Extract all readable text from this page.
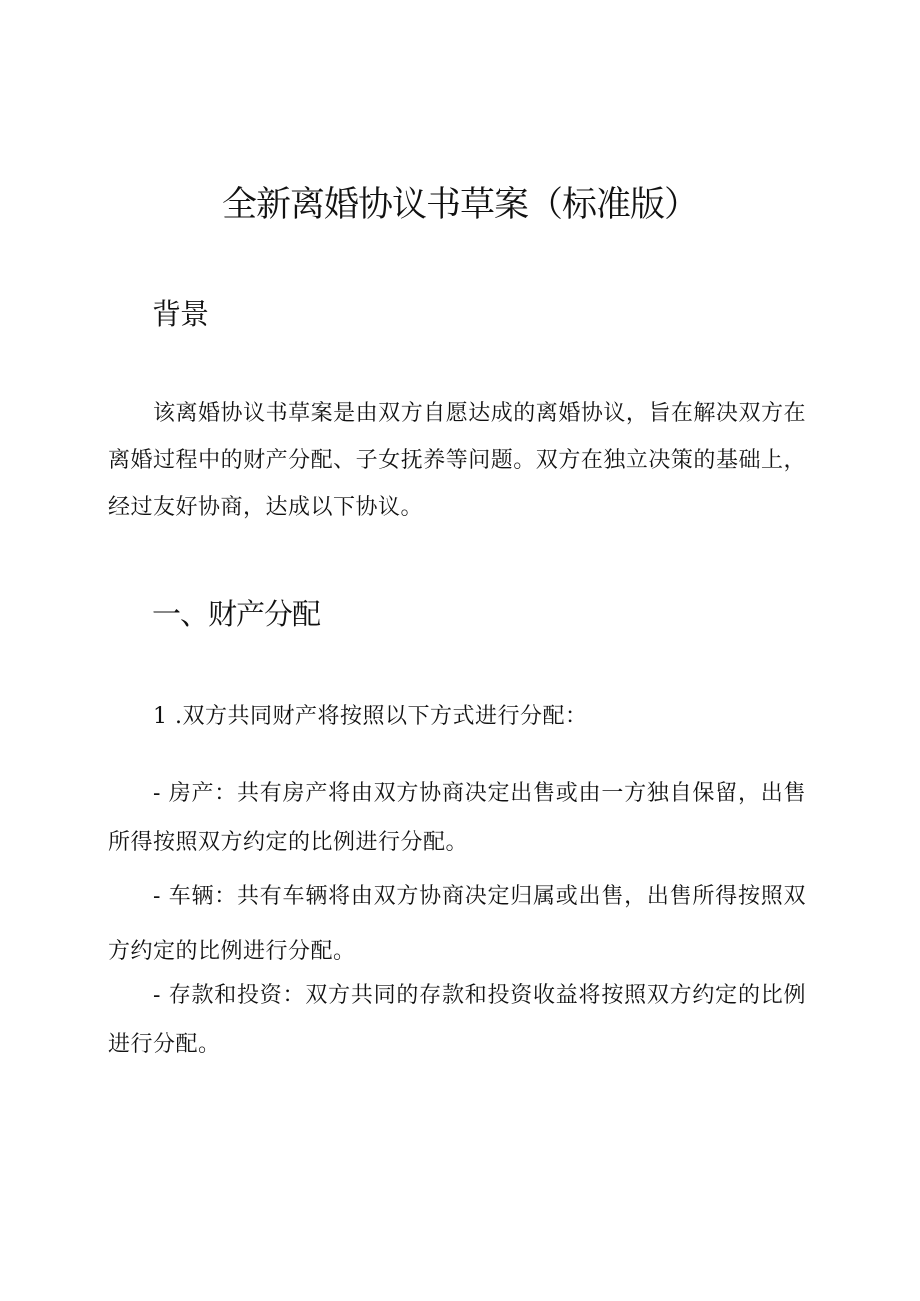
全新离婚协议书草案（标准版）
背景

该离婚协议书草案是由双方自愿达成的离婚协议，旨在解决双方在离婚过程中的财产分配、子女抚养等问题。双方在独立决策的基础上，经过友好协商，达成以下协议。

一、财产分配

1 .双方共同财产将按照以下方式进行分配：

- 房产：共有房产将由双方协商决定出售或由一方独自保留，出售所得按照双方约定的比例进行分配。

- 车辆：共有车辆将由双方协商决定归属或出售，出售所得按照双方约定的比例进行分配。

- 存款和投资：双方共同的存款和投资收益将按照双方约定的比例进行分配。
